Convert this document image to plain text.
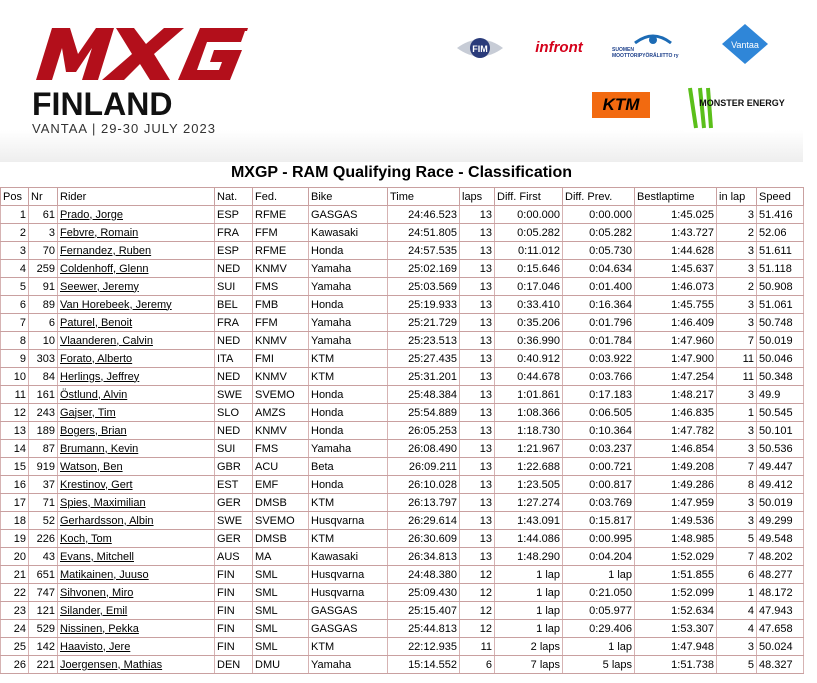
FINLAND
VANTAA | 29-30 JULY 2023
FIM	infront	SUOMEN MOOTTORIPYÖRÄLIITTO ry
Vantaa
KTM	MONSTER ENERGY
MXGP - RAM Qualifying Race - Classification
Pos	Nr	Rider	Nat.	Fed.	Bike	Time	laps	Diff. First	Diff. Prev.	Bestlaptime	in lap	Speed
1	61	Prado, Jorge	ESP	RFME	GASGAS	24:46.523	13	0:00.000	0:00.000	1:45.025	3	51.416
2	3	Febvre, Romain	FRA	FFM	Kawasaki	24:51.805	13	0:05.282	0:05.282	1:43.727	2	52.06
3	70	Fernandez, Ruben	ESP	RFME	Honda	24:57.535	13	0:11.012	0:05.730	1:44.628	3	51.611
4	259	Coldenhoff, Glenn	NED	KNMV	Yamaha	25:02.169	13	0:15.646	0:04.634	1:45.637	3	51.118
5	91	Seewer, Jeremy	SUI	FMS	Yamaha	25:03.569	13	0:17.046	0:01.400	1:46.073	2	50.908
6	89	Van Horebeek, Jeremy	BEL	FMB	Honda	25:19.933	13	0:33.410	0:16.364	1:45.755	3	51.061
7	6	Paturel, Benoit	FRA	FFM	Yamaha	25:21.729	13	0:35.206	0:01.796	1:46.409	3	50.748
8	10	Vlaanderen, Calvin	NED	KNMV	Yamaha	25:23.513	13	0:36.990	0:01.784	1:47.960	7	50.019
9	303	Forato, Alberto	ITA	FMI	KTM	25:27.435	13	0:40.912	0:03.922	1:47.900	11	50.046
10	84	Herlings, Jeffrey	NED	KNMV	KTM	25:31.201	13	0:44.678	0:03.766	1:47.254	11	50.348
11	161	Östlund, Alvin	SWE	SVEMO	Honda	25:48.384	13	1:01.861	0:17.183	1:48.217	3	49.9
12	243	Gajser, Tim	SLO	AMZS	Honda	25:54.889	13	1:08.366	0:06.505	1:46.835	1	50.545
13	189	Bogers, Brian	NED	KNMV	Honda	26:05.253	13	1:18.730	0:10.364	1:47.782	3	50.101
14	87	Brumann, Kevin	SUI	FMS	Yamaha	26:08.490	13	1:21.967	0:03.237	1:46.854	3	50.536
15	919	Watson, Ben	GBR	ACU	Beta	26:09.211	13	1:22.688	0:00.721	1:49.208	7	49.447
16	37	Krestinov, Gert	EST	EMF	Honda	26:10.028	13	1:23.505	0:00.817	1:49.286	8	49.412
17	71	Spies, Maximilian	GER	DMSB	KTM	26:13.797	13	1:27.274	0:03.769	1:47.959	3	50.019
18	52	Gerhardsson, Albin	SWE	SVEMO	Husqvarna	26:29.614	13	1:43.091	0:15.817	1:49.536	3	49.299
19	226	Koch, Tom	GER	DMSB	KTM	26:30.609	13	1:44.086	0:00.995	1:48.985	5	49.548
20	43	Evans, Mitchell	AUS	MA	Kawasaki	26:34.813	13	1:48.290	0:04.204	1:52.029	7	48.202
21	651	Matikainen, Juuso	FIN	SML	Husqvarna	24:48.380	12	1 lap	1 lap	1:51.855	6	48.277
22	747	Sihvonen, Miro	FIN	SML	Husqvarna	25:09.430	12	1 lap	0:21.050	1:52.099	1	48.172
23	121	Silander, Emil	FIN	SML	GASGAS	25:15.407	12	1 lap	0:05.977	1:52.634	4	47.943
24	529	Nissinen, Pekka	FIN	SML	GASGAS	25:44.813	12	1 lap	0:29.406	1:53.307	4	47.658
25	142	Haavisto, Jere	FIN	SML	KTM	22:12.935	11	2 laps	1 lap	1:47.948	3	50.024
26	221	Joergensen, Mathias	DEN	DMU	Yamaha	15:14.552	6	7 laps	5 laps	1:51.738	5	48.327
